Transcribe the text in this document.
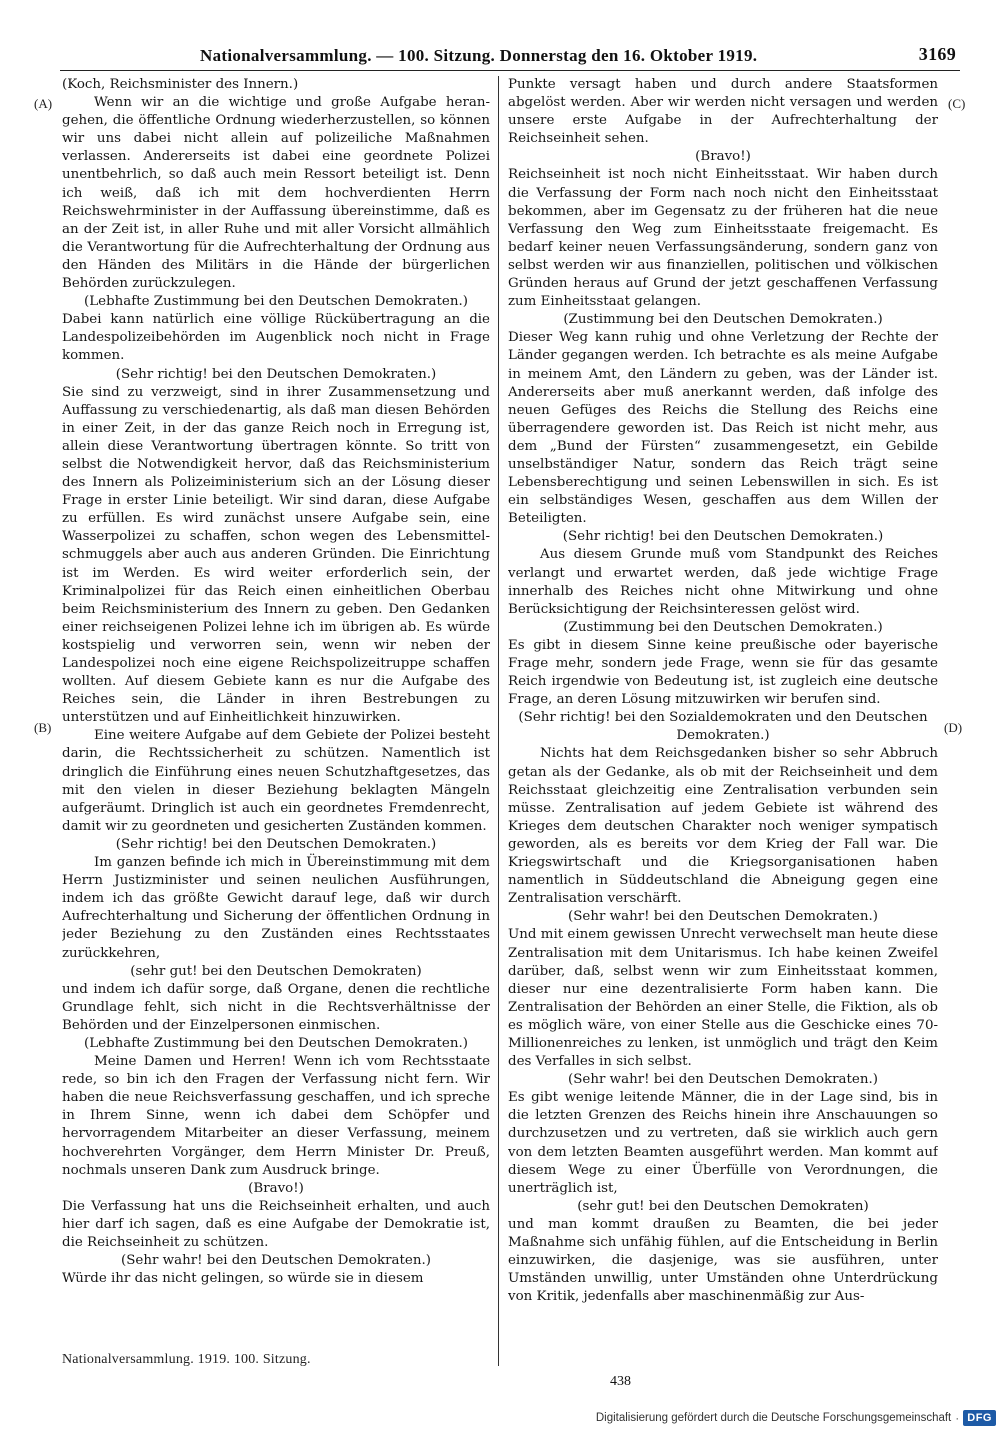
Nationalversammlung. — 100. Sitzung. Donnerstag den 16. Oktober 1919.	3169
(A)
(B)
(C)
(D)

(Koch, Reichsminister des Innern.)

Wenn wir an die wichtige und große Aufgabe herangehen, die öffentliche Ordnung wiederherzustellen, so können wir uns dabei nicht allein auf polizeiliche Maßnahmen verlassen. Andererseits ist dabei eine geordnete Polizei unentbehrlich, so daß auch mein Ressort beteiligt ist. Denn ich weiß, daß ich mit dem hochverdienten Herrn Reichswehrminister in der Auffassung übereinstimme, daß es an der Zeit ist, in aller Ruhe und mit aller Vorsicht allmählich die Verantwortung für die Aufrechterhaltung der Ordnung aus den Händen des Militärs in die Hände der bürgerlichen Behörden zurückzulegen.

(Lebhafte Zustimmung bei den Deutschen Demokraten.)

Dabei kann natürlich eine völlige Rückübertragung an die Landespolizeibehörden im Augenblick noch nicht in Frage kommen.

(Sehr richtig! bei den Deutschen Demokraten.)

Sie sind zu verzweigt, sind in ihrer Zusammensetzung und Auffassung zu verschiedenartig, als daß man diesen Behörden in einer Zeit, in der das ganze Reich noch in Erregung ist, allein diese Verantwortung übertragen könnte. So tritt von selbst die Notwendigkeit hervor, daß das Reichsministerium des Innern als Polizeiministerium sich an der Lösung dieser Frage in erster Linie beteiligt. Wir sind daran, diese Aufgabe zu erfüllen. Es wird zunächst unsere Aufgabe sein, eine Wasserpolizei zu schaffen, schon wegen des Lebensmittelschmuggels aber auch aus anderen Gründen. Die Einrichtung ist im Werden. Es wird weiter erforderlich sein, der Kriminalpolizei für das Reich einen einheitlichen Oberbau beim Reichsministerium des Innern zu geben. Den Gedanken einer reichseigenen Polizei lehne ich im übrigen ab. Es würde kostspielig und verworren sein, wenn wir neben der Landespolizei noch eine eigene Reichspolizeitruppe schaffen wollten. Auf diesem Gebiete kann es nur die Aufgabe des Reiches sein, die Länder in ihren Bestrebungen zu unterstützen und auf Einheitlichkeit hinzuwirken.

Eine weitere Aufgabe auf dem Gebiete der Polizei besteht darin, die Rechtssicherheit zu schützen. Namentlich ist dringlich die Einführung eines neuen Schutzhaftgesetzes, das mit den vielen in dieser Beziehung beklagten Mängeln aufgeräumt. Dringlich ist auch ein geordnetes Fremdenrecht, damit wir zu geordneten und gesicherten Zuständen kommen.

(Sehr richtig! bei den Deutschen Demokraten.)

Im ganzen befinde ich mich in Übereinstimmung mit dem Herrn Justizminister und seinen neulichen Ausführungen, indem ich das größte Gewicht darauf lege, daß wir durch Aufrechterhaltung und Sicherung der öffentlichen Ordnung in jeder Beziehung zu den Zuständen eines Rechtsstaates zurückkehren,

(sehr gut! bei den Deutschen Demokraten)

und indem ich dafür sorge, daß Organe, denen die rechtliche Grundlage fehlt, sich nicht in die Rechtsverhältnisse der Behörden und der Einzelpersonen einmischen.

(Lebhafte Zustimmung bei den Deutschen Demokraten.)

Meine Damen und Herren! Wenn ich vom Rechtsstaate rede, so bin ich den Fragen der Verfassung nicht fern. Wir haben die neue Reichsverfassung geschaffen, und ich spreche in Ihrem Sinne, wenn ich dabei dem Schöpfer und hervorragendem Mitarbeiter an dieser Verfassung, meinem hochverehrten Vorgänger, dem Herrn Minister Dr. Preuß, nochmals unseren Dank zum Ausdruck bringe.

(Bravo!)

Die Verfassung hat uns die Reichseinheit erhalten, und auch hier darf ich sagen, daß es eine Aufgabe der Demokratie ist, die Reichseinheit zu schützen.

(Sehr wahr! bei den Deutschen Demokraten.)

Würde ihr das nicht gelingen, so würde sie in diesem

Punkte versagt haben und durch andere Staatsformen abgelöst werden. Aber wir werden nicht versagen und werden unsere erste Aufgabe in der Aufrechterhaltung der Reichseinheit sehen.

(Bravo!)

Reichseinheit ist noch nicht Einheitsstaat. Wir haben durch die Verfassung der Form nach noch nicht den Einheitsstaat bekommen, aber im Gegensatz zu der früheren hat die neue Verfassung den Weg zum Einheitsstaate freigemacht. Es bedarf keiner neuen Verfassungsänderung, sondern ganz von selbst werden wir aus finanziellen, politischen und völkischen Gründen heraus auf Grund der jetzt geschaffenen Verfassung zum Einheitsstaat gelangen.

(Zustimmung bei den Deutschen Demokraten.)

Dieser Weg kann ruhig und ohne Verletzung der Rechte der Länder gegangen werden. Ich betrachte es als meine Aufgabe in meinem Amt, den Ländern zu geben, was der Länder ist. Andererseits aber muß anerkannt werden, daß infolge des neuen Gefüges des Reichs die Stellung des Reichs eine überragendere geworden ist. Das Reich ist nicht mehr, aus dem „Bund der Fürsten“ zusammengesetzt, ein Gebilde unselbständiger Natur, sondern das Reich trägt seine Lebensberechtigung und seinen Lebenswillen in sich. Es ist ein selbständiges Wesen, geschaffen aus dem Willen der Beteiligten.

(Sehr richtig! bei den Deutschen Demokraten.)

Aus diesem Grunde muß vom Standpunkt des Reiches verlangt und erwartet werden, daß jede wichtige Frage innerhalb des Reiches nicht ohne Mitwirkung und ohne Berücksichtigung der Reichsinteressen gelöst wird.

(Zustimmung bei den Deutschen Demokraten.)

Es gibt in diesem Sinne keine preußische oder bayerische Frage mehr, sondern jede Frage, wenn sie für das gesamte Reich irgendwie von Bedeutung ist, ist zugleich eine deutsche Frage, an deren Lösung mitzuwirken wir berufen sind.

(Sehr richtig! bei den Sozialdemokraten und den Deutschen Demokraten.)

Nichts hat dem Reichsgedanken bisher so sehr Abbruch getan als der Gedanke, als ob mit der Reichseinheit und dem Reichsstaat gleichzeitig eine Zentralisation verbunden sein müsse. Zentralisation auf jedem Gebiete ist während des Krieges dem deutschen Charakter noch weniger sympatisch geworden, als es bereits vor dem Krieg der Fall war. Die Kriegswirtschaft und die Kriegsorganisationen haben namentlich in Süddeutschland die Abneigung gegen eine Zentralisation verschärft.

(Sehr wahr! bei den Deutschen Demokraten.)

Und mit einem gewissen Unrecht verwechselt man heute diese Zentralisation mit dem Unitarismus. Ich habe keinen Zweifel darüber, daß, selbst wenn wir zum Einheitsstaat kommen, dieser nur eine dezentralisierte Form haben kann. Die Zentralisation der Behörden an einer Stelle, die Fiktion, als ob es möglich wäre, von einer Stelle aus die Geschicke eines 70-Millionenreiches zu lenken, ist unmöglich und trägt den Keim des Verfalles in sich selbst.

(Sehr wahr! bei den Deutschen Demokraten.)

Es gibt wenige leitende Männer, die in der Lage sind, bis in die letzten Grenzen des Reichs hinein ihre Anschauungen so durchzusetzen und zu vertreten, daß sie wirklich auch gern von dem letzten Beamten ausgeführt werden. Man kommt auf diesem Wege zu einer Überfülle von Verordnungen, die unerträglich ist,

(sehr gut! bei den Deutschen Demokraten)

und man kommt draußen zu Beamten, die bei jeder Maßnahme sich unfähig fühlen, auf die Entscheidung in Berlin einzuwirken, die dasjenige, was sie ausführen, unter Umständen unwillig, unter Umständen ohne Unterdrückung von Kritik, jedenfalls aber maschinenmäßig zur Aus-

Nationalversammlung. 1919. 100. Sitzung.
438
Digitalisierung gefördert durch die Deutsche Forschungsgemeinschaft · DFG
